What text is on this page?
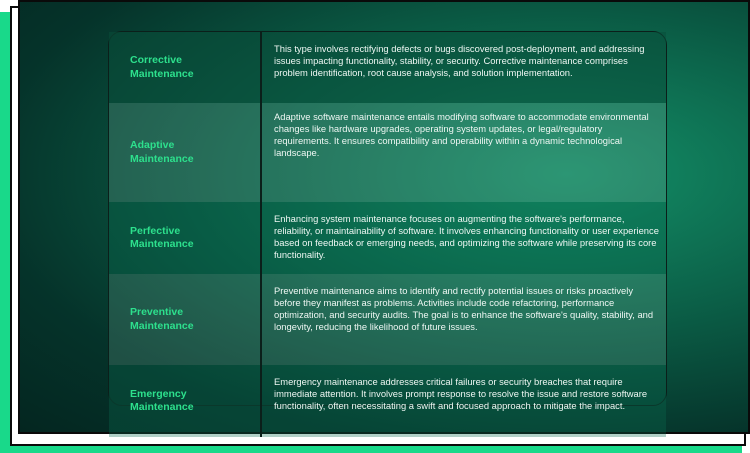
Corrective
Maintenance
This type involves rectifying defects or bugs discovered post-deployment, and addressing issues impacting functionality, stability, or security. Corrective maintenance comprises problem identification, root cause analysis, and solution implementation.
Adaptive
Maintenance
Adaptive software maintenance entails modifying software to accommodate environmental changes like hardware upgrades, operating system updates, or legal/regulatory requirements. It ensures compatibility and operability within a dynamic technological landscape.
Perfective
Maintenance
Enhancing system maintenance focuses on augmenting the software's performance, reliability, or maintainability of software. It involves enhancing functionality or user experience based on feedback or emerging needs, and optimizing the software while preserving its core functionality.
Preventive
Maintenance
Preventive maintenance aims to identify and rectify potential issues or risks proactively before they manifest as problems. Activities include code refactoring, performance optimization, and security audits. The goal is to enhance the software's quality, stability, and longevity, reducing the likelihood of future issues.
Emergency
Maintenance
Emergency maintenance addresses critical failures or security breaches that require immediate attention. It involves prompt response to resolve the issue and restore software functionality, often necessitating a swift and focused approach to mitigate the impact.
